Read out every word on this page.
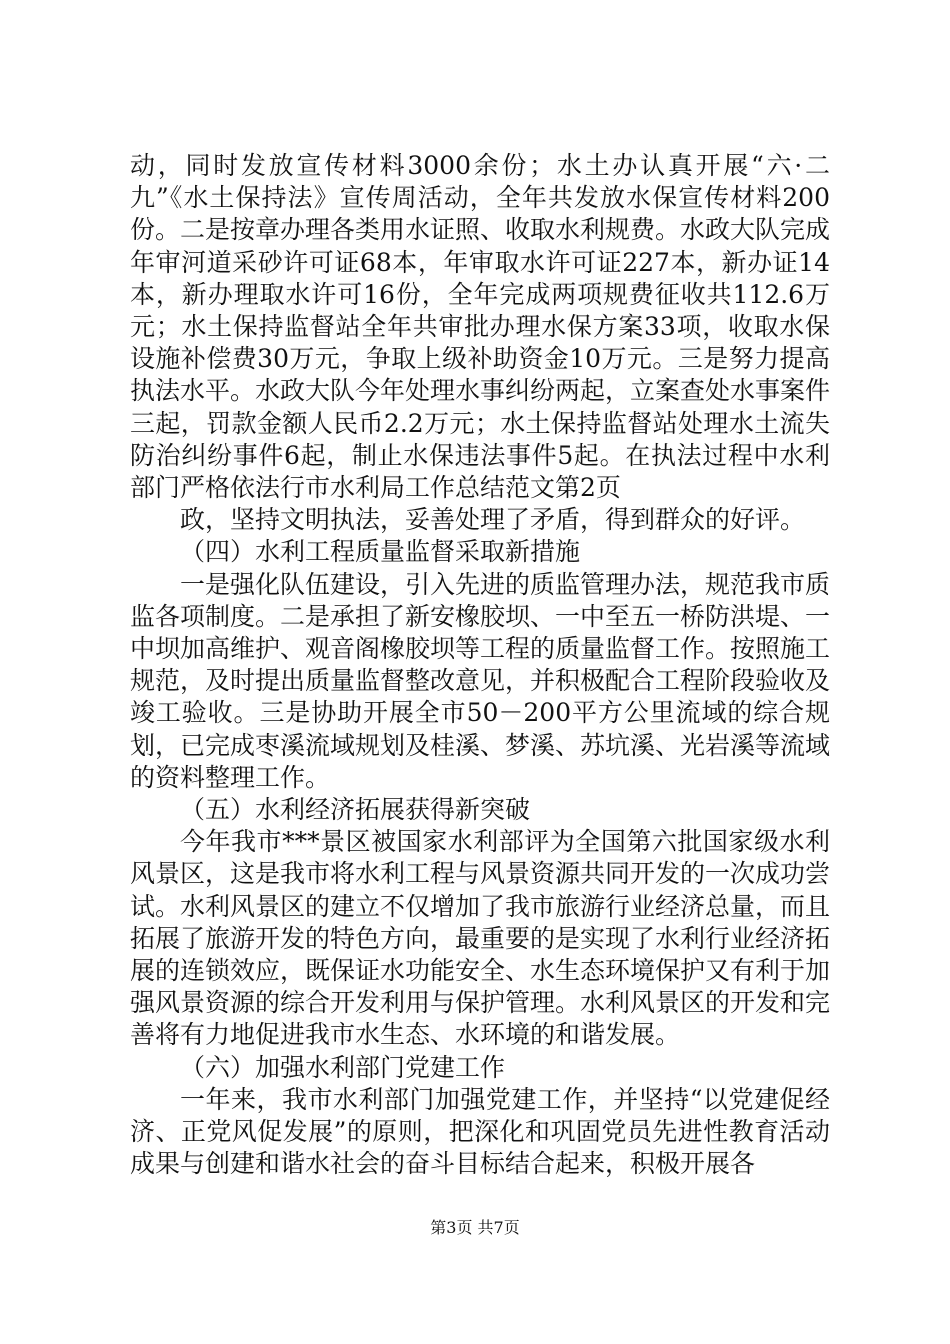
动，同时发放宣传材料3000余份；水土办认真开展“六·二九”《水土保持法》宣传周活动，全年共发放水保宣传材料200份。二是按章办理各类用水证照、收取水利规费。水政大队完成年审河道采砂许可证68本，年审取水许可证227本，新办证14本，新办理取水许可16份，全年完成两项规费征收共112.6万元；水土保持监督站全年共审批办理水保方案33项，收取水保设施补偿费30万元，争取上级补助资金10万元。三是努力提高执法水平。水政大队今年处理水事纠纷两起，立案查处水事案件三起，罚款金额人民币2.2万元；水土保持监督站处理水土流失防治纠纷事件6起，制止水保违法事件5起。在执法过程中水利部门严格依法行市水利局工作总结范文第2页

政，坚持文明执法，妥善处理了矛盾，得到群众的好评。

（四）水利工程质量监督采取新措施

一是强化队伍建设，引入先进的质监管理办法，规范我市质监各项制度。二是承担了新安橡胶坝、一中至五一桥防洪堤、一中坝加高维护、观音阁橡胶坝等工程的质量监督工作。按照施工规范，及时提出质量监督整改意见，并积极配合工程阶段验收及竣工验收。三是协助开展全市50－200平方公里流域的综合规划，已完成枣溪流域规划及桂溪、梦溪、苏坑溪、光岩溪等流域的资料整理工作。

（五）水利经济拓展获得新突破

今年我市***景区被国家水利部评为全国第六批国家级水利风景区，这是我市将水利工程与风景资源共同开发的一次成功尝试。水利风景区的建立不仅增加了我市旅游行业经济总量，而且拓展了旅游开发的特色方向，最重要的是实现了水利行业经济拓展的连锁效应，既保证水功能安全、水生态环境保护又有利于加强风景资源的综合开发利用与保护管理。水利风景区的开发和完善将有力地促进我市水生态、水环境的和谐发展。

（六）加强水利部门党建工作

一年来，我市水利部门加强党建工作，并坚持“以党建促经济、正党风促发展”的原则，把深化和巩固党员先进性教育活动成果与创建和谐水社会的奋斗目标结合起来，积极开展各

第3页 共7页
